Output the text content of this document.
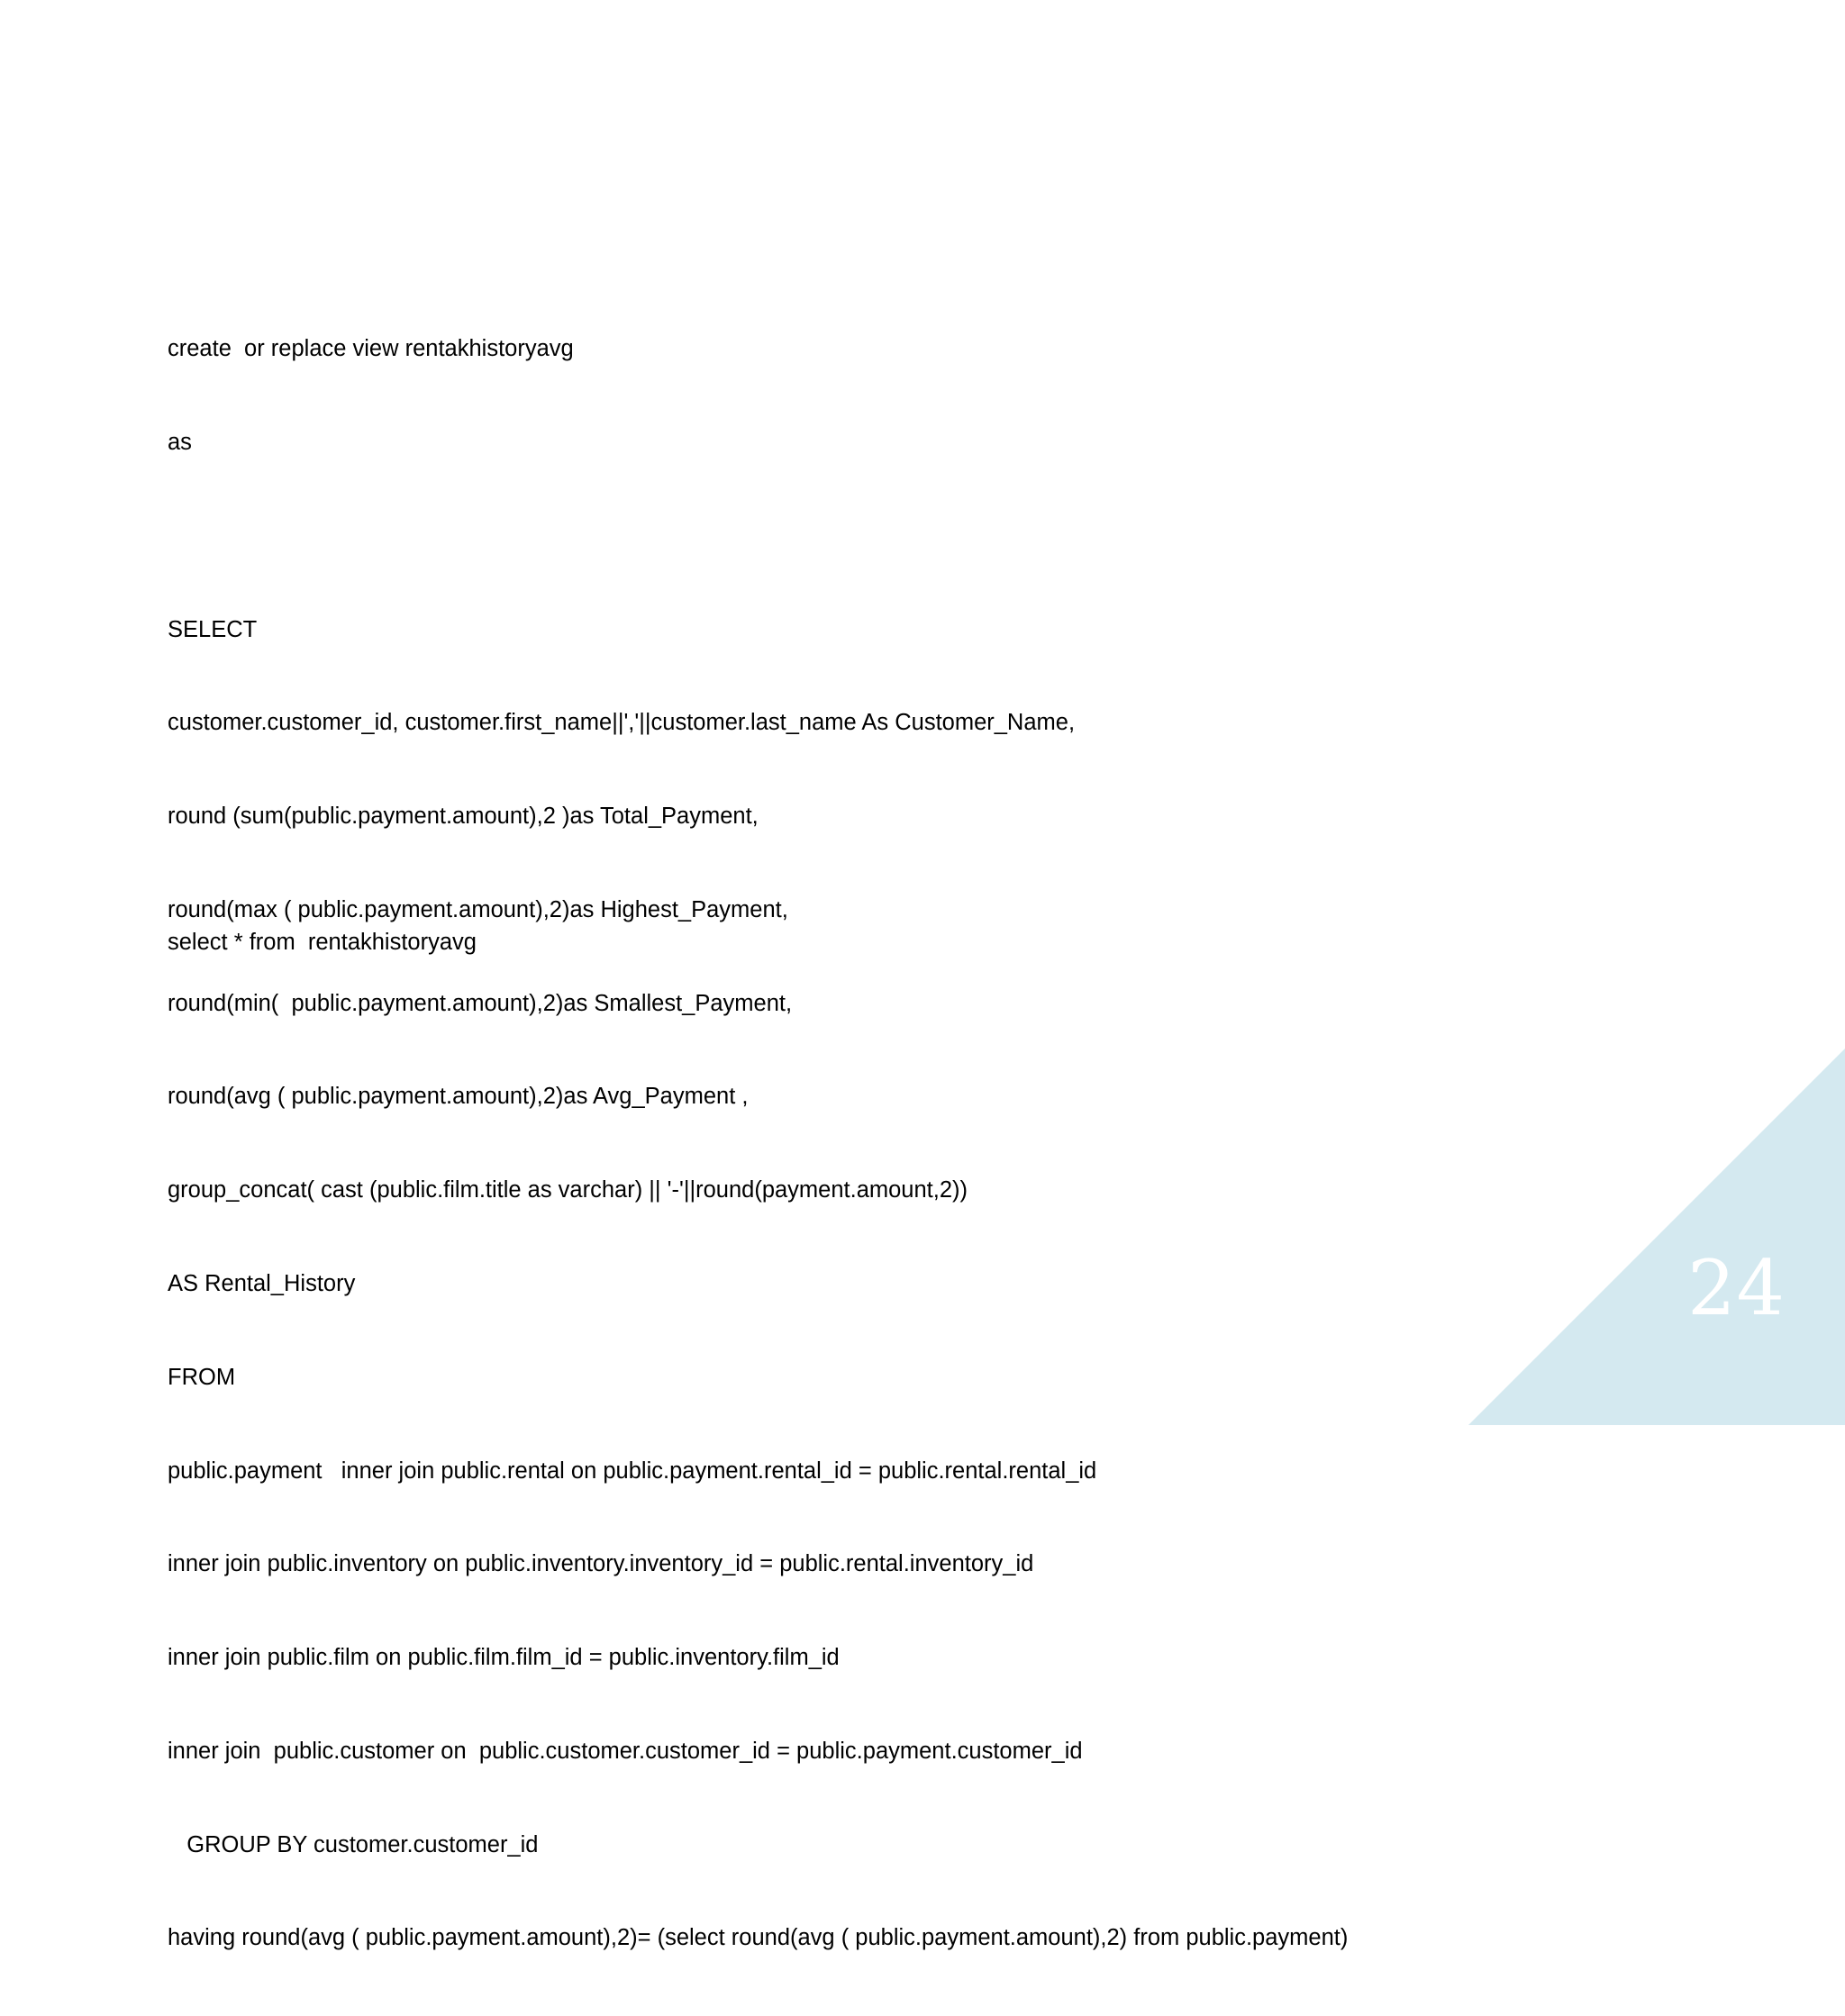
create  or replace view rentakhistoryavg

as

SELECT

customer.customer_id, customer.first_name||','||customer.last_name As Customer_Name,

round (sum(public.payment.amount),2 )as Total_Payment,

round(max ( public.payment.amount),2)as Highest_Payment,

round(min(  public.payment.amount),2)as Smallest_Payment,

round(avg ( public.payment.amount),2)as Avg_Payment ,

group_concat( cast (public.film.title as varchar) || '-'||round(payment.amount,2))

AS Rental_History

FROM

public.payment   inner join public.rental on public.payment.rental_id = public.rental.rental_id

inner join public.inventory on public.inventory.inventory_id = public.rental.inventory_id

inner join public.film on public.film.film_id = public.inventory.film_id

inner join  public.customer on  public.customer.customer_id = public.payment.customer_id

GROUP BY customer.customer_id

having round(avg ( public.payment.amount),2)= (select round(avg ( public.payment.amount),2) from public.payment)

select * from  rentakhistoryavg
24
